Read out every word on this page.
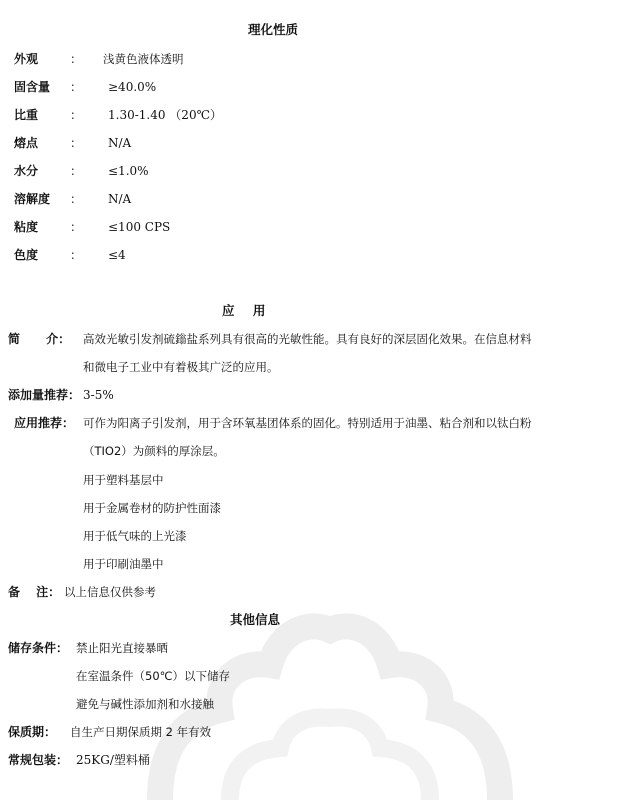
理化性质
外观	： 浅黄色液体透明
固含量 ： ≥40.0%
比重	： 1.30-1.40 （20℃）
熔点	： N/A
水分	： ≤1.0%
溶解度 ： N/A
粘度	： ≤100 CPS
色度	： ≤4
应 用
简 介： 高效光敏引发剂硫鎓盐系列具有很高的光敏性能。具有良好的深层固化效果。在信息材料
和微电子工业中有着极其广泛的应用。
添加量推荐： 3-5%
应用推荐： 可作为阳离子引发剂，用于含环氧基团体系的固化。特别适用于油墨、粘合剂和以钛白粉
（TIO2）为颜料的厚涂层。
用于塑料基层中
用于金属卷材的防护性面漆
用于低气味的上光漆
用于印刷油墨中
备 注： 以上信息仅供参考
其他信息
储存条件： 禁止阳光直接暴晒
在室温条件（50℃）以下储存
避免与碱性添加剂和水接触
保质期： 自生产日期保质期 2 年有效
常规包装： 25KG/塑料桶
